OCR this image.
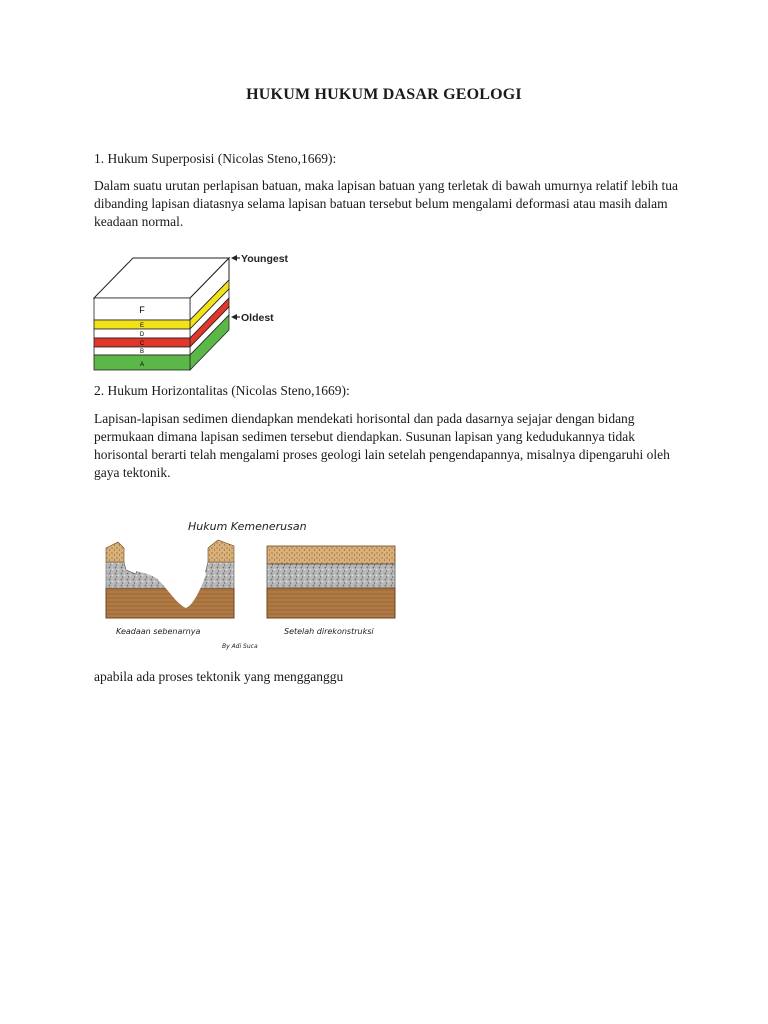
HUKUM HUKUM DASAR GEOLOGI
1. Hukum Superposisi (Nicolas Steno,1669):
Dalam suatu urutan perlapisan batuan, maka lapisan batuan yang terletak di bawah umurnya relatif lebih tua dibanding lapisan diatasnya selama lapisan batuan tersebut belum mengalami deformasi atau masih dalam keadaan normal.
F
E
D
C
B
A
Youngest
Oldest
2. Hukum Horizontalitas (Nicolas Steno,1669):
Lapisan-lapisan sedimen diendapkan mendekati horisontal dan pada dasarnya sejajar dengan bidang permukaan dimana lapisan sedimen tersebut diendapkan. Susunan lapisan yang kedudukannya tidak horisontal berarti telah mengalami proses geologi lain setelah pengendapannya, misalnya dipengaruhi oleh gaya tektonik.
Hukum Kemenerusan
Keadaan sebenarnya	Setelah direkonstruksi
By Adi Suca
apabila ada proses tektonik yang mengganggu
